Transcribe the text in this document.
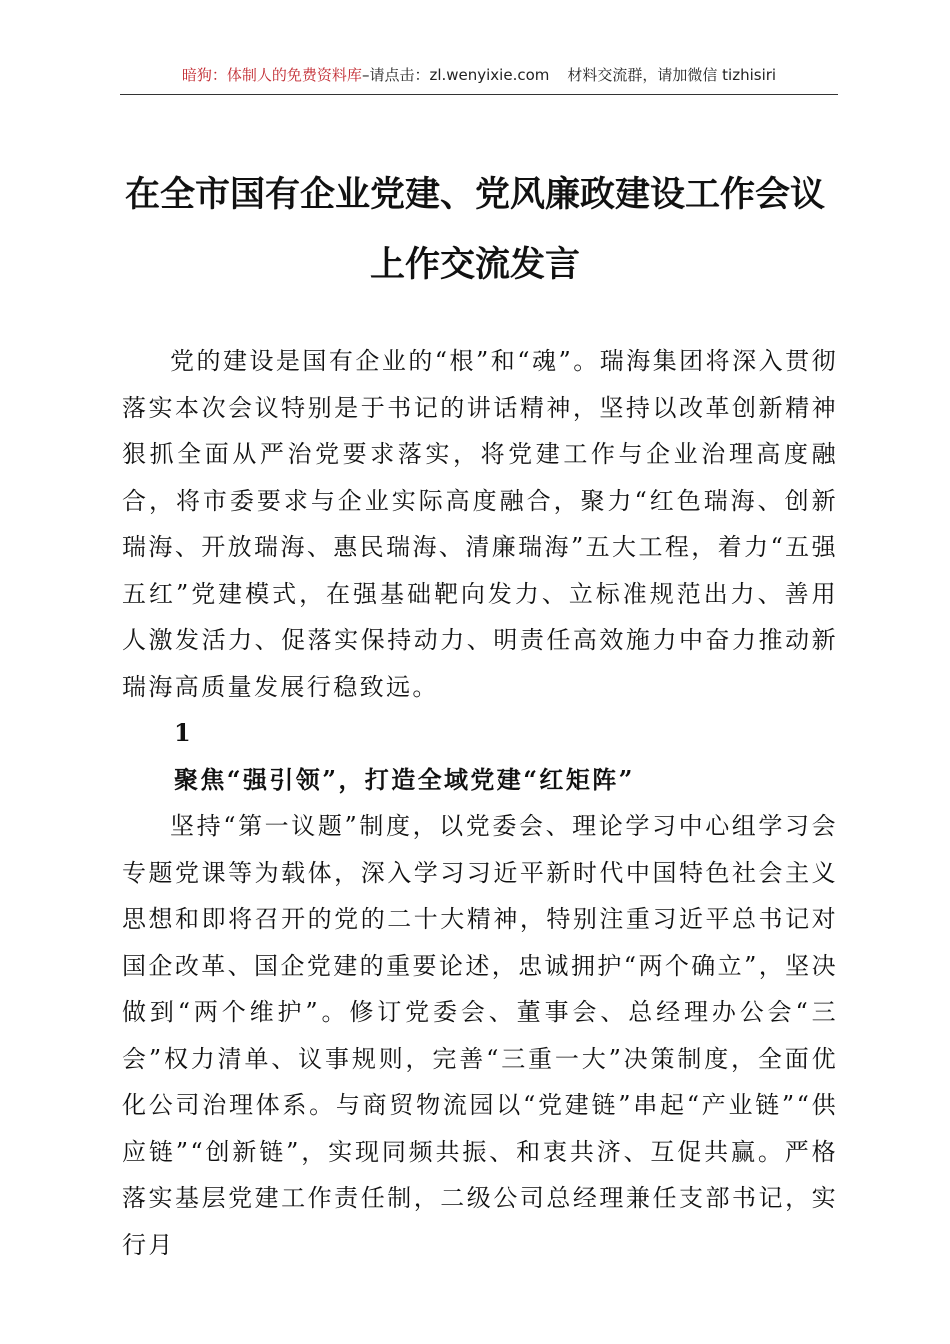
暗狗：体制人的免费资料库–请点击：zl.wenyixie.com 材料交流群，请加微信 tizhisiri
在全市国有企业党建、党风廉政建设工作会议
上作交流发言

党的建设是国有企业的“根”和“魂”。瑞海集团将深入贯彻落实本次会议特别是于书记的讲话精神，坚持以改革创新精神狠抓全面从严治党要求落实，将党建工作与企业治理高度融合，将市委要求与企业实际高度融合，聚力“红色瑞海、创新瑞海、开放瑞海、惠民瑞海、清廉瑞海”五大工程，着力“五强五红”党建模式，在强基础靶向发力、立标准规范出力、善用人激发活力、促落实保持动力、明责任高效施力中奋力推动新瑞海高质量发展行稳致远。

1

聚焦“强引领”，打造全域党建“红矩阵”

坚持“第一议题”制度，以党委会、理论学习中心组学习会专题党课等为载体，深入学习习近平新时代中国特色社会主义思想和即将召开的党的二十大精神，特别注重习近平总书记对国企改革、国企党建的重要论述，忠诚拥护“两个确立”，坚决做到“两个维护”。修订党委会、董事会、总经理办公会“三会”权力清单、议事规则，完善“三重一大”决策制度，全面优化公司治理体系。与商贸物流园以“党建链”串起“产业链”“供应链”“创新链”，实现同频共振、和衷共济、互促共赢。严格落实基层党建工作责任制，二级公司总经理兼任支部书记，实行月
